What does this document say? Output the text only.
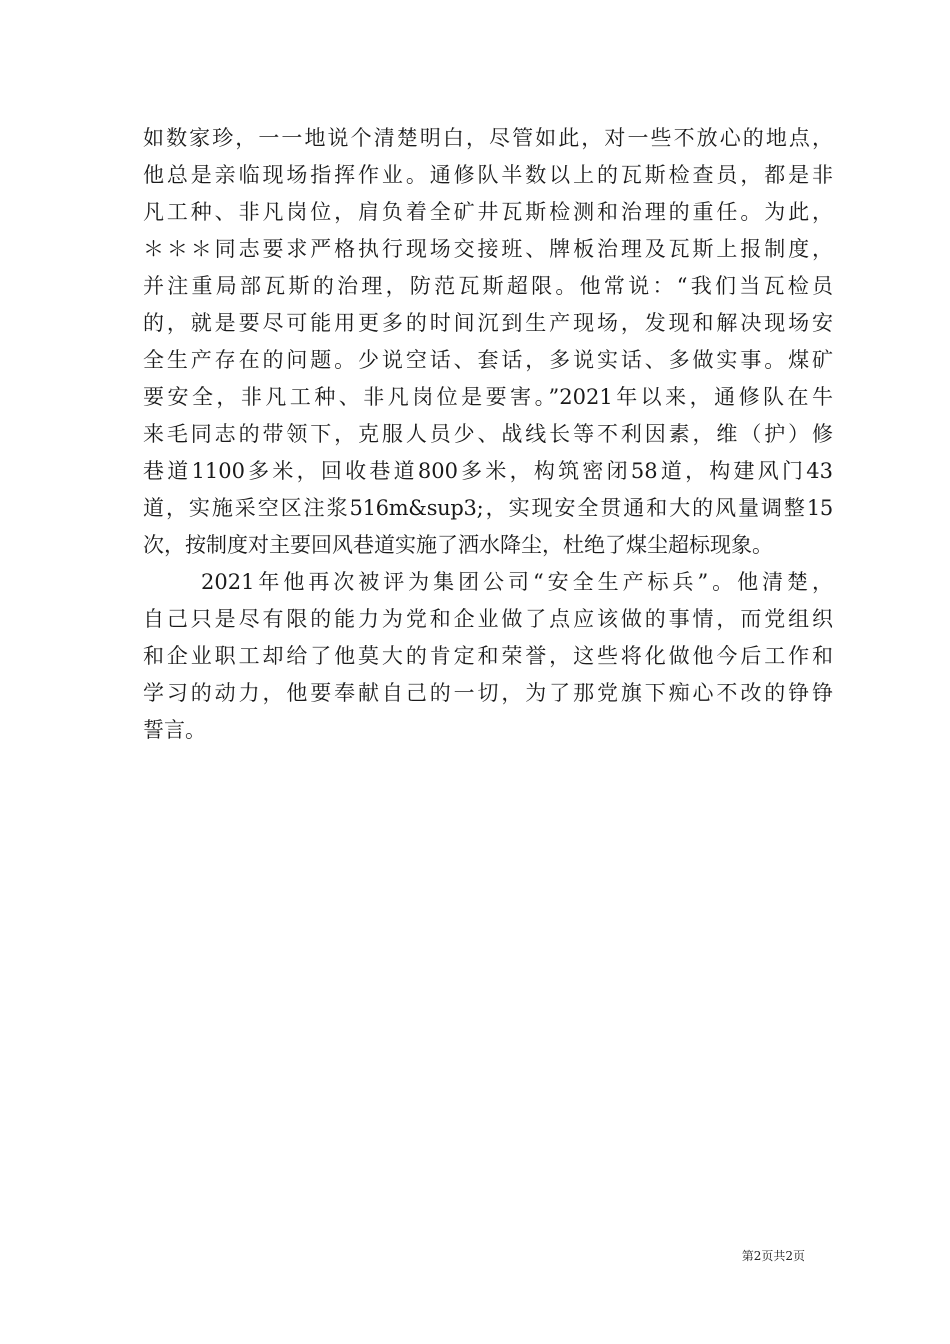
如数家珍，一一地说个清楚明白，尽管如此，对一些不放心的地点，
他总是亲临现场指挥作业。通修队半数以上的瓦斯检查员，都是非
凡工种、非凡岗位，肩负着全矿井瓦斯检测和治理的重任。为此，
＊＊＊同志要求严格执行现场交接班、牌板治理及瓦斯上报制度，
并注重局部瓦斯的治理，防范瓦斯超限。他常说：“我们当瓦检员
的，就是要尽可能用更多的时间沉到生产现场，发现和解决现场安
全生产存在的问题。少说空话、套话，多说实话、多做实事。煤矿
要安全，非凡工种、非凡岗位是要害。”2021年以来，通修队在牛
来毛同志的带领下，克服人员少、战线长等不利因素，维（护）修
巷道1100多米，回收巷道800多米，构筑密闭58道，构建风门43
道，实施采空区注浆516m&sup3;，实现安全贯通和大的风量调整15
次，按制度对主要回风巷道实施了洒水降尘，杜绝了煤尘超标现象。
2021年他再次被评为集团公司“安全生产标兵”。他清楚，
自己只是尽有限的能力为党和企业做了点应该做的事情，而党组织
和企业职工却给了他莫大的肯定和荣誉，这些将化做他今后工作和
学习的动力，他要奉献自己的一切，为了那党旗下痴心不改的铮铮
誓言。
第2页共2页
